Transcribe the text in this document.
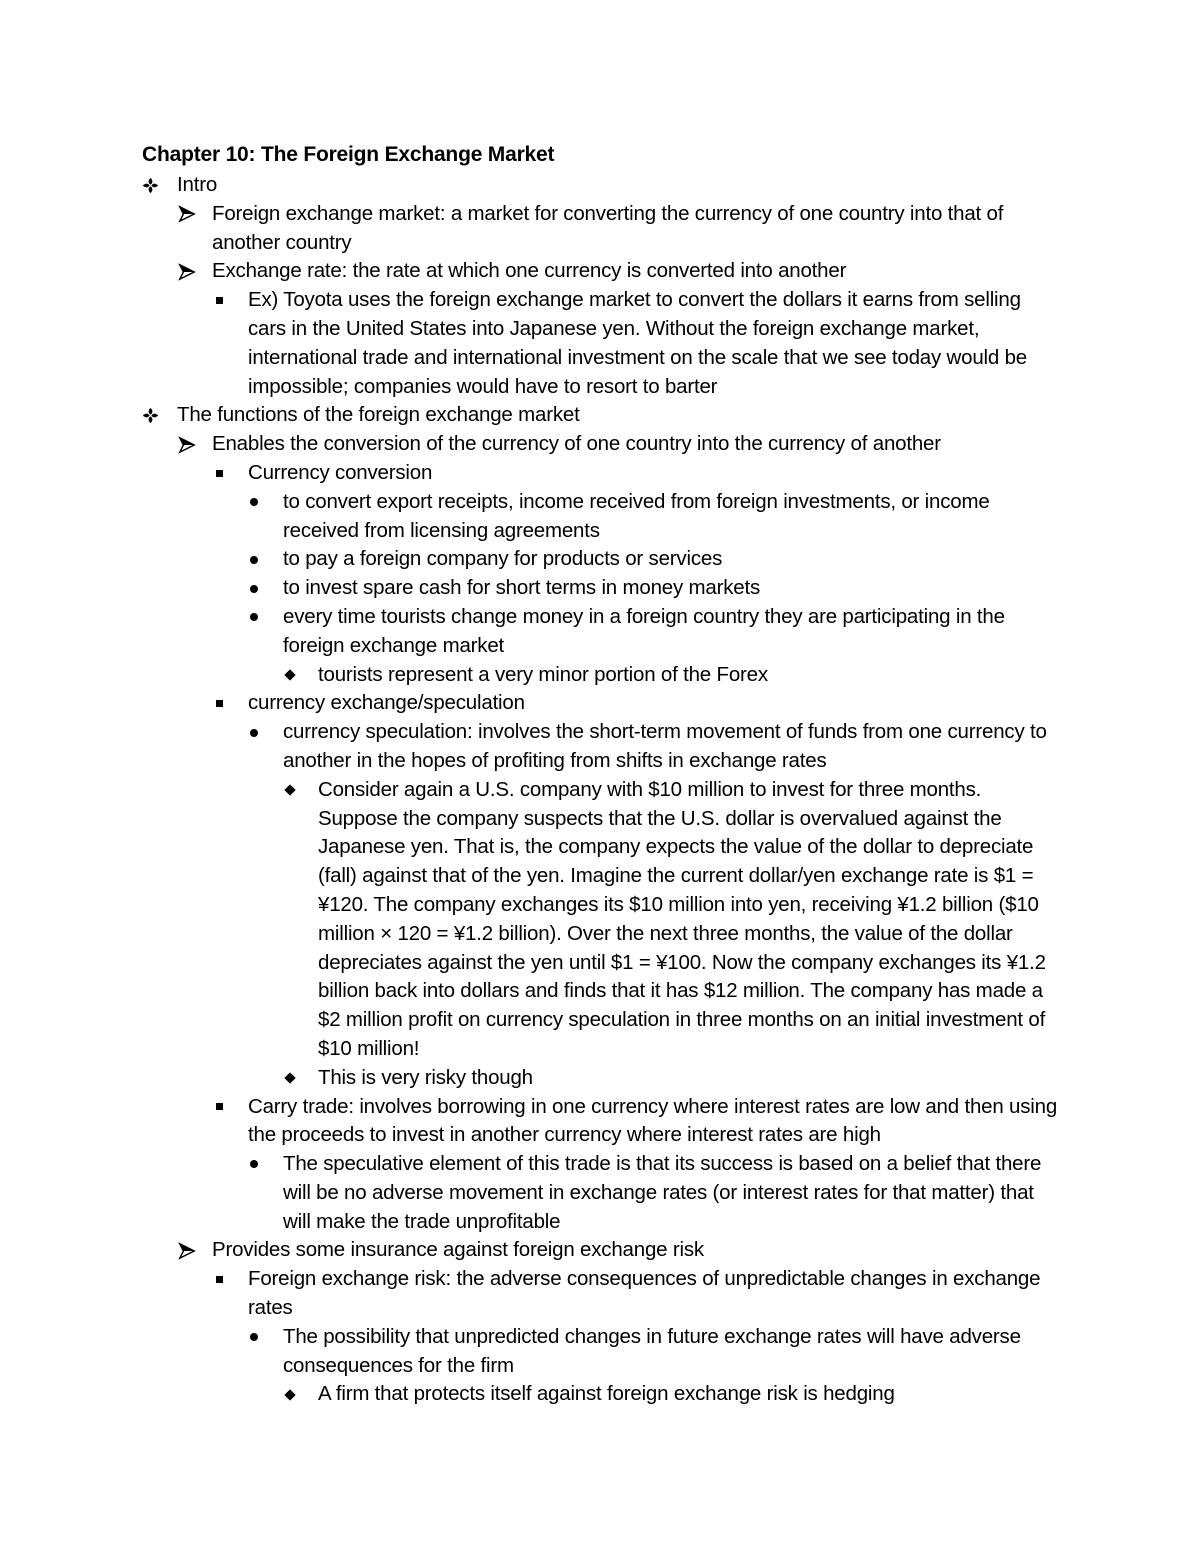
Chapter 10: The Foreign Exchange Market
Intro
Foreign exchange market: a market for converting the currency of one country into that of another country
Exchange rate: the rate at which one currency is converted into another
Ex) Toyota uses the foreign exchange market to convert the dollars it earns from selling cars in the United States into Japanese yen. Without the foreign exchange market, international trade and international investment on the scale that we see today would be impossible; companies would have to resort to barter
The functions of the foreign exchange market
Enables the conversion of the currency of one country into the currency of another
Currency conversion
to convert export receipts, income received from foreign investments, or income received from licensing agreements
to pay a foreign company for products or services
to invest spare cash for short terms in money markets
every time tourists change money in a foreign country they are participating in the foreign exchange market
tourists represent a very minor portion of the Forex
currency exchange/speculation
currency speculation: involves the short-term movement of funds from one currency to another in the hopes of profiting from shifts in exchange rates
Consider again a U.S. company with $10 million to invest for three months. Suppose the company suspects that the U.S. dollar is overvalued against the Japanese yen. That is, the company expects the value of the dollar to depreciate (fall) against that of the yen. Imagine the current dollar/yen exchange rate is $1 = ¥120. The company exchanges its $10 million into yen, receiving ¥1.2 billion ($10 million × 120 = ¥1.2 billion). Over the next three months, the value of the dollar depreciates against the yen until $1 = ¥100. Now the company exchanges its ¥1.2 billion back into dollars and finds that it has $12 million. The company has made a $2 million profit on currency speculation in three months on an initial investment of $10 million!
This is very risky though
Carry trade: involves borrowing in one currency where interest rates are low and then using the proceeds to invest in another currency where interest rates are high
The speculative element of this trade is that its success is based on a belief that there will be no adverse movement in exchange rates (or interest rates for that matter) that will make the trade unprofitable
Provides some insurance against foreign exchange risk
Foreign exchange risk: the adverse consequences of unpredictable changes in exchange rates
The possibility that unpredicted changes in future exchange rates will have adverse consequences for the firm
A firm that protects itself against foreign exchange risk is hedging
